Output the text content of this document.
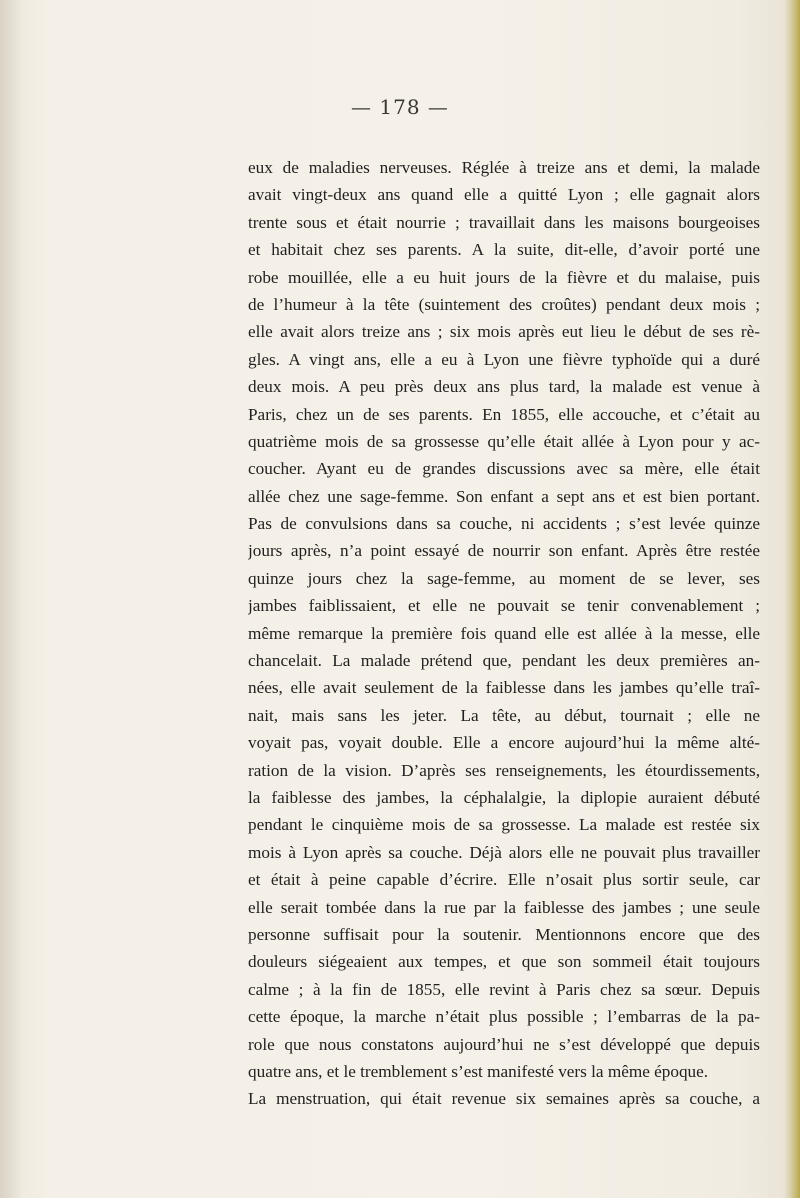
— 178 —
eux de maladies nerveuses. Réglée à treize ans et demi, la malade
avait vingt-deux ans quand elle a quitté Lyon ; elle gagnait alors
trente sous et était nourrie ; travaillait dans les maisons bourgeoises
et habitait chez ses parents. A la suite, dit-elle, d’avoir porté une
robe mouillée, elle a eu huit jours de la fièvre et du malaise, puis
de l’humeur à la tête (suintement des croûtes) pendant deux mois ;
elle avait alors treize ans ; six mois après eut lieu le début de ses rè-
gles. A vingt ans, elle a eu à Lyon une fièvre typhoïde qui a duré
deux mois. A peu près deux ans plus tard, la malade est venue à
Paris, chez un de ses parents. En 1855, elle accouche, et c’était au
quatrième mois de sa grossesse qu’elle était allée à Lyon pour y ac-
coucher. Ayant eu de grandes discussions avec sa mère, elle était
allée chez une sage-femme. Son enfant a sept ans et est bien portant.
Pas de convulsions dans sa couche, ni accidents ; s’est levée quinze
jours après, n’a point essayé de nourrir son enfant. Après être restée
quinze jours chez la sage-femme, au moment de se lever, ses
jambes faiblissaient, et elle ne pouvait se tenir convenablement ;
même remarque la première fois quand elle est allée à la messe, elle
chancelait. La malade prétend que, pendant les deux premières an-
nées, elle avait seulement de la faiblesse dans les jambes qu’elle traî-
nait, mais sans les jeter. La tête, au début, tournait ; elle ne
voyait pas, voyait double. Elle a encore aujourd’hui la même alté-
ration de la vision. D’après ses renseignements, les étourdissements,
la faiblesse des jambes, la céphalalgie, la diplopie auraient débuté
pendant le cinquième mois de sa grossesse. La malade est restée six
mois à Lyon après sa couche. Déjà alors elle ne pouvait plus travailler
et était à peine capable d’écrire. Elle n’osait plus sortir seule, car
elle serait tombée dans la rue par la faiblesse des jambes ; une seule
personne suffisait pour la soutenir. Mentionnons encore que des
douleurs siégeaient aux tempes, et que son sommeil était toujours
calme ; à la fin de 1855, elle revint à Paris chez sa sœur. Depuis
cette époque, la marche n’était plus possible ; l’embarras de la pa-
role que nous constatons aujourd’hui ne s’est développé que depuis
quatre ans, et le tremblement s’est manifesté vers la même époque.
La menstruation, qui était revenue six semaines après sa couche, a
